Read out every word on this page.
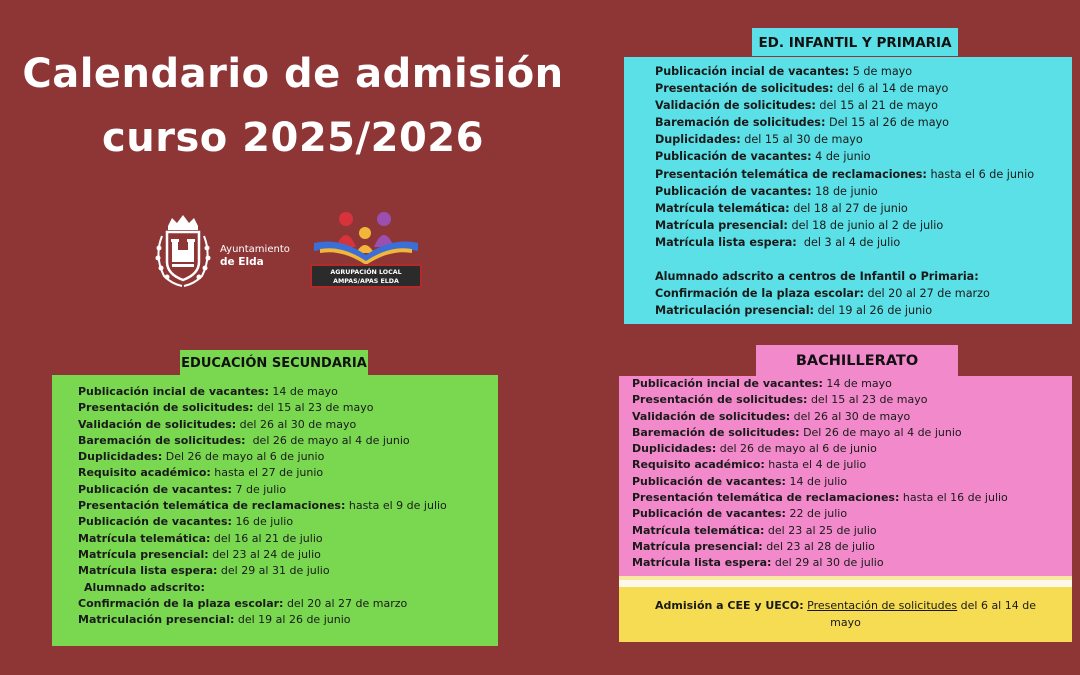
Calendario de admisión
curso 2025/2026
Ayuntamiento
de Elda
AGRUPACIÓN LOCAL
AMPAS/APAS ELDA
ED. INFANTIL Y PRIMARIA
Publicación incial de vacantes: 5 de mayo
Presentación de solicitudes: del 6 al 14 de mayo
Validación de solicitudes: del 15 al 21 de mayo
Baremación de solicitudes: Del 15 al 26 de mayo
Duplicidades: del 15 al 30 de mayo
Publicación de vacantes: 4 de junio
Presentación telemática de reclamaciones: hasta el 6 de junio
Publicación de vacantes: 18 de junio
Matrícula telemática: del 18 al 27 de junio
Matrícula presencial: del 18 de junio al 2 de julio
Matrícula lista espera: del 3 al 4 de julio
Alumnado adscrito a centros de Infantil o Primaria:
Confirmación de la plaza escolar: del 20 al 27 de marzo
Matriculación presencial: del 19 al 26 de junio
EDUCACIÓN SECUNDARIA
Publicación incial de vacantes: 14 de mayo
Presentación de solicitudes: del 15 al 23 de mayo
Validación de solicitudes: del 26 al 30 de mayo
Baremación de solicitudes: del 26 de mayo al 4 de junio
Duplicidades: Del 26 de mayo al 6 de junio
Requisito académico: hasta el 27 de junio
Publicación de vacantes: 7 de julio
Presentación telemática de reclamaciones: hasta el 9 de julio
Publicación de vacantes: 16 de julio
Matrícula telemática: del 16 al 21 de julio
Matrícula presencial: del 23 al 24 de julio
Matrícula lista espera: del 29 al 31 de julio
Alumnado adscrito:
Confirmación de la plaza escolar: del 20 al 27 de marzo
Matriculación presencial: del 19 al 26 de junio
BACHILLERATO
Publicación incial de vacantes: 14 de mayo
Presentación de solicitudes: del 15 al 23 de mayo
Validación de solicitudes: del 26 al 30 de mayo
Baremación de solicitudes: Del 26 de mayo al 4 de junio
Duplicidades: del 26 de mayo al 6 de junio
Requisito académico: hasta el 4 de julio
Publicación de vacantes: 14 de julio
Presentación telemática de reclamaciones: hasta el 16 de julio
Publicación de vacantes: 22 de julio
Matrícula telemática: del 23 al 25 de julio
Matrícula presencial: del 23 al 28 de julio
Matrícula lista espera: del 29 al 30 de julio
Admisión a CEE y UECO: Presentación de solicitudes del 6 al 14 de mayo
